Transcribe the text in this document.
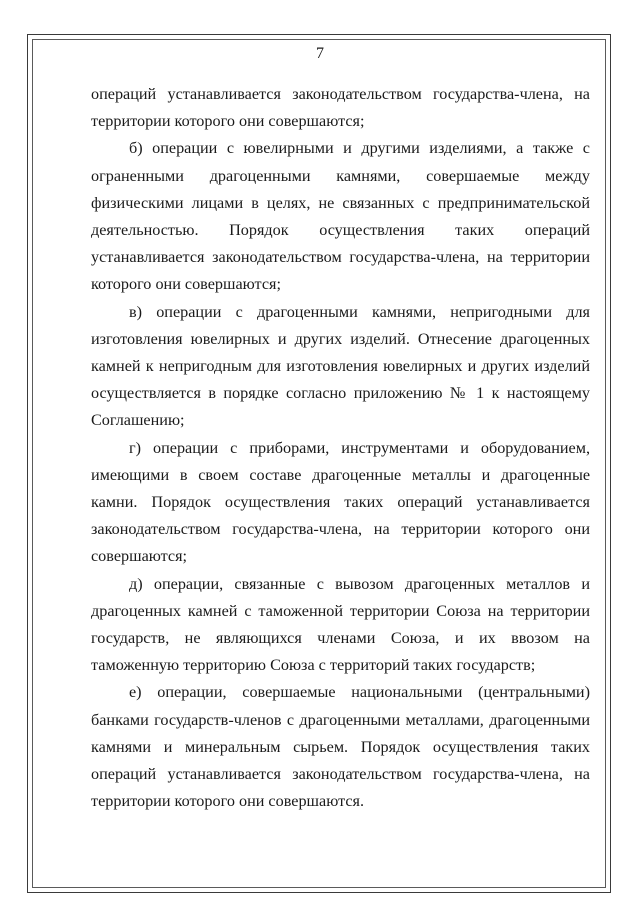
7

операций устанавливается законодательством государства-члена, на территории которого они совершаются;

б) операции с ювелирными и другими изделиями, а также с ограненными драгоценными камнями, совершаемые между физическими лицами в целях, не связанных с предпринимательской деятельностью. Порядок осуществления таких операций устанавливается законодательством государства-члена, на территории которого они совершаются;

в) операции с драгоценными камнями, непригодными для изготовления ювелирных и других изделий. Отнесение драгоценных камней к непригодным для изготовления ювелирных и других изделий осуществляется в порядке согласно приложению № 1 к настоящему Соглашению;

г) операции с приборами, инструментами и оборудованием, имеющими в своем составе драгоценные металлы и драгоценные камни. Порядок осуществления таких операций устанавливается законодательством государства-члена, на территории которого они совершаются;

д) операции, связанные с вывозом драгоценных металлов и драгоценных камней с таможенной территории Союза на территории государств, не являющихся членами Союза, и их ввозом на таможенную территорию Союза с территорий таких государств;

е) операции, совершаемые национальными (центральными) банками государств-членов с драгоценными металлами, драгоценными камнями и минеральным сырьем. Порядок осуществления таких операций устанавливается законодательством государства-члена, на территории которого они совершаются.
